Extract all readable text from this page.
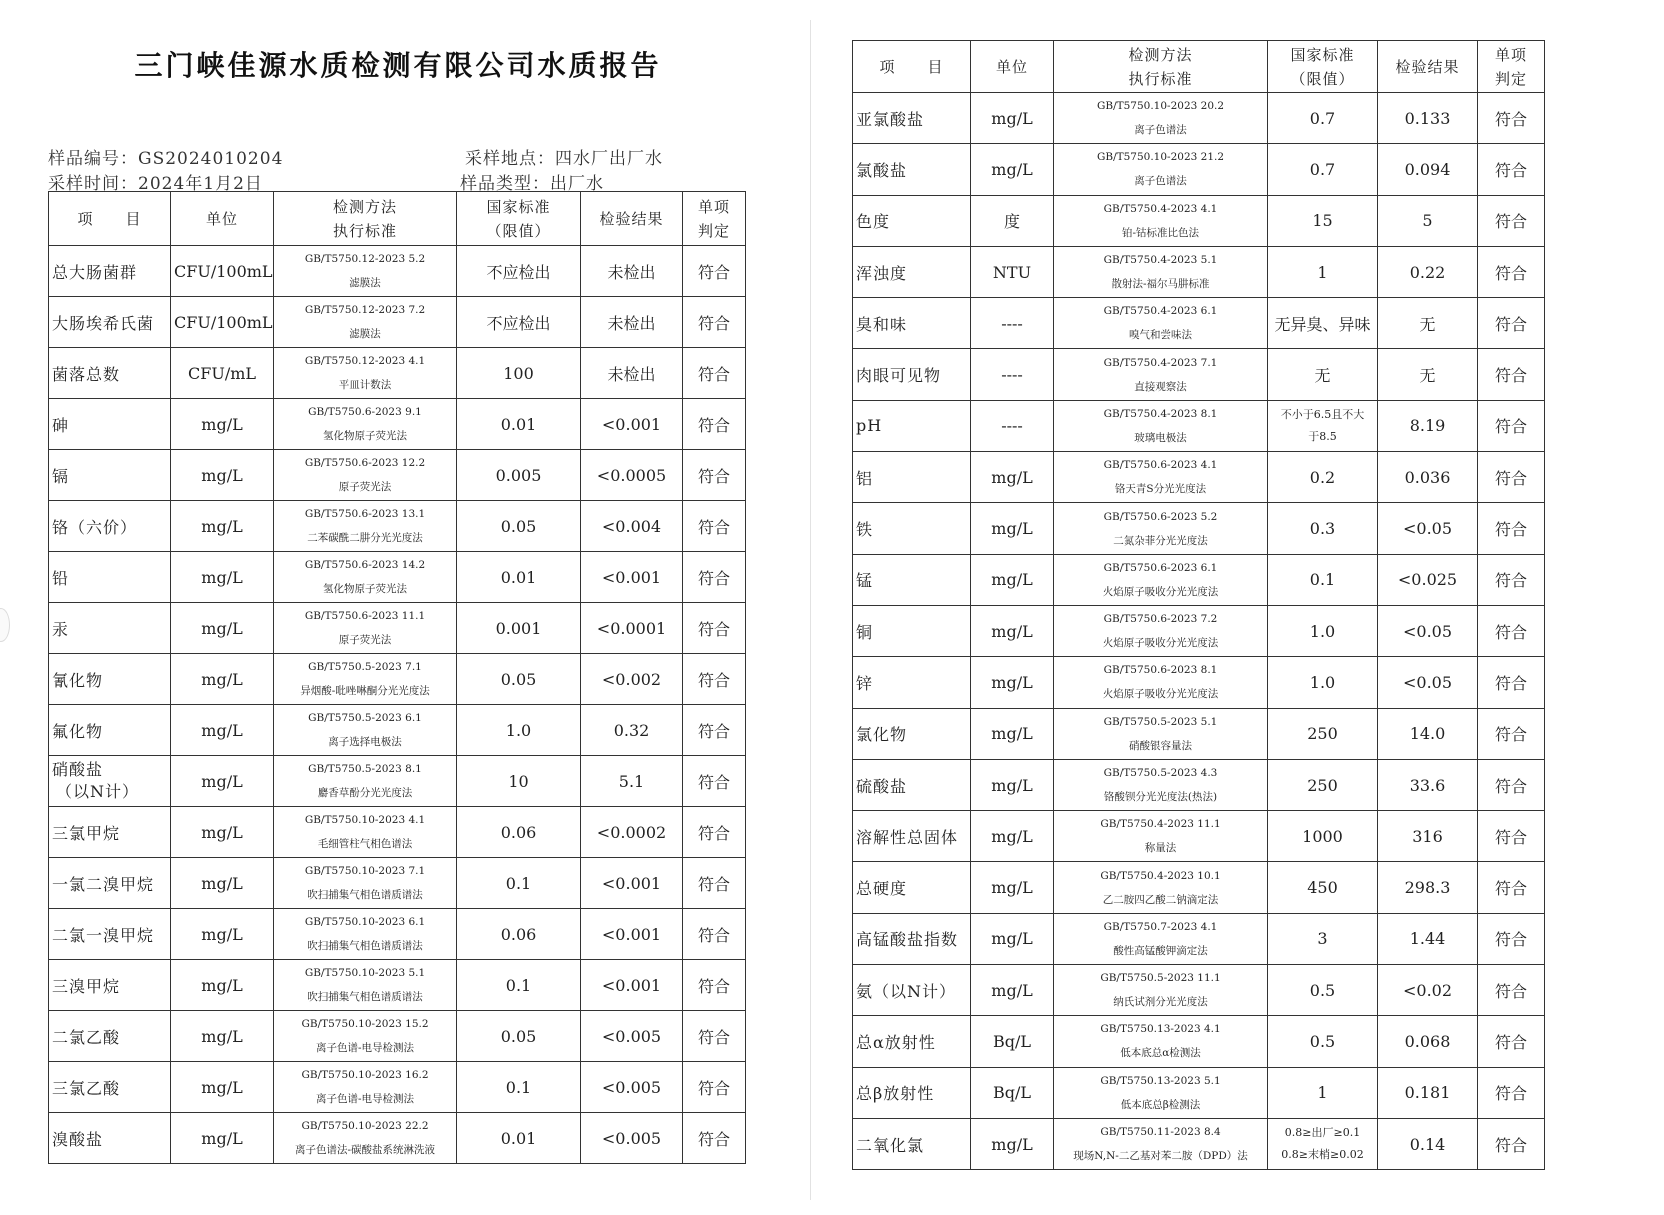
三门峡佳源水质检测有限公司水质报告
样品编号：GS2024010204	采样地点：四水厂出厂水
采样时间：2024年1月2日	样品类型：出厂水
项　　目	单位	检测方法
执行标准	国家标准
（限值）	检验结果	单项
判定

总大肠菌群	CFU/100mL	GB/T5750.12-2023 5.2
滤膜法	不应检出	未检出	符合
大肠埃希氏菌	CFU/100mL	GB/T5750.12-2023 7.2
滤膜法	不应检出	未检出	符合
菌落总数	CFU/mL	GB/T5750.12-2023 4.1
平皿计数法	100	未检出	符合
砷	mg/L	GB/T5750.6-2023 9.1
氢化物原子荧光法	0.01	<0.001	符合
镉	mg/L	GB/T5750.6-2023 12.2
原子荧光法	0.005	<0.0005	符合
铬（六价）	mg/L	GB/T5750.6-2023 13.1
二苯碳酰二肼分光光度法	0.05	<0.004	符合
铅	mg/L	GB/T5750.6-2023 14.2
氢化物原子荧光法	0.01	<0.001	符合
汞	mg/L	GB/T5750.6-2023 11.1
原子荧光法	0.001	<0.0001	符合
氰化物	mg/L	GB/T5750.5-2023 7.1
异烟酸-吡唑啉酮分光光度法	0.05	<0.002	符合
氟化物	mg/L	GB/T5750.5-2023 6.1
离子选择电极法	1.0	0.32	符合

硝酸盐
（以N计）	mg/L	GB/T5750.5-2023 8.1
麝香草酚分光光度法	10	5.1	符合
三氯甲烷	mg/L	GB/T5750.10-2023 4.1
毛细管柱气相色谱法	0.06	<0.0002	符合
一氯二溴甲烷	mg/L	GB/T5750.10-2023 7.1
吹扫捕集气相色谱质谱法	0.1	<0.001	符合
二氯一溴甲烷	mg/L	GB/T5750.10-2023 6.1
吹扫捕集气相色谱质谱法	0.06	<0.001	符合
三溴甲烷	mg/L	GB/T5750.10-2023 5.1
吹扫捕集气相色谱质谱法	0.1	<0.001	符合
二氯乙酸	mg/L	GB/T5750.10-2023 15.2
离子色谱-电导检测法	0.05	<0.005	符合
三氯乙酸	mg/L	GB/T5750.10-2023 16.2
离子色谱-电导检测法	0.1	<0.005	符合
溴酸盐	mg/L	GB/T5750.10-2023 22.2
离子色谱法-碳酸盐系统淋洗液	0.01	<0.005	符合
项　　目	单位	检测方法
执行标准	国家标准
（限值）	检验结果	单项
判定

亚氯酸盐	mg/L	GB/T5750.10-2023 20.2
离子色谱法	0.7	0.133	符合
氯酸盐	mg/L	GB/T5750.10-2023 21.2
离子色谱法	0.7	0.094	符合
色度	度	GB/T5750.4-2023 4.1
铂-钴标准比色法	15	5	符合
浑浊度	NTU	GB/T5750.4-2023 5.1
散射法-福尔马肼标准	1	0.22	符合
臭和味	----	GB/T5750.4-2023 6.1
嗅气和尝味法	无异臭、异味	无	符合
肉眼可见物	----	GB/T5750.4-2023 7.1
直接观察法	无	无	符合
pH	----	GB/T5750.4-2023 8.1
玻璃电极法	不小于6.5且不大
于8.5	8.19	符合
铝	mg/L	GB/T5750.6-2023 4.1
铬天青S分光光度法	0.2	0.036	符合
铁	mg/L	GB/T5750.6-2023 5.2
二氮杂菲分光光度法	0.3	<0.05	符合
锰	mg/L	GB/T5750.6-2023 6.1
火焰原子吸收分光光度法	0.1	<0.025	符合
铜	mg/L	GB/T5750.6-2023 7.2
火焰原子吸收分光光度法	1.0	<0.05	符合
锌	mg/L	GB/T5750.6-2023 8.1
火焰原子吸收分光光度法	1.0	<0.05	符合
氯化物	mg/L	GB/T5750.5-2023 5.1
硝酸银容量法	250	14.0	符合
硫酸盐	mg/L	GB/T5750.5-2023 4.3
铬酸钡分光光度法(热法)	250	33.6	符合
溶解性总固体	mg/L	GB/T5750.4-2023 11.1
称量法	1000	316	符合
总硬度	mg/L	GB/T5750.4-2023 10.1
乙二胺四乙酸二钠滴定法	450	298.3	符合
高锰酸盐指数	mg/L	GB/T5750.7-2023 4.1
酸性高锰酸钾滴定法	3	1.44	符合
氨（以N计）	mg/L	GB/T5750.5-2023 11.1
纳氏试剂分光光度法	0.5	<0.02	符合
总α放射性	Bq/L	GB/T5750.13-2023 4.1
低本底总α检测法	0.5	0.068	符合
总β放射性	Bq/L	GB/T5750.13-2023 5.1
低本底总β检测法	1	0.181	符合
二氧化氯	mg/L	GB/T5750.11-2023 8.4
现场N,N-二乙基对苯二胺（DPD）法	0.8≥出厂≥0.1
0.8≥末梢≥0.02	0.14	符合
